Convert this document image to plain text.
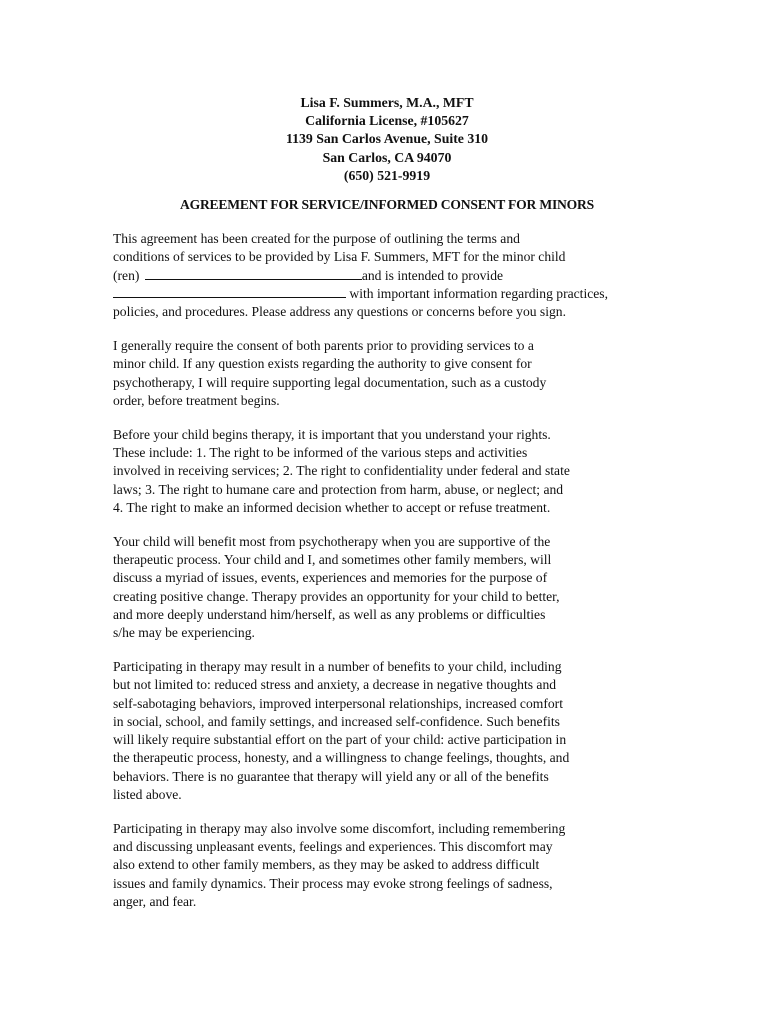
Lisa F. Summers, M.A., MFT
California License, #105627
1139 San Carlos Avenue, Suite 310
San Carlos, CA 94070
(650) 521-9919
AGREEMENT FOR SERVICE/INFORMED CONSENT FOR MINORS
This agreement has been created for the purpose of outlining the terms and
conditions of services to be provided by Lisa F. Summers, MFT for the minor child
(ren)	and is intended to provide
with important information regarding practices,
policies, and procedures. Please address any questions or concerns before you sign.
I generally require the consent of both parents prior to providing services to a
minor child. If any question exists regarding the authority to give consent for
psychotherapy, I will require supporting legal documentation, such as a custody
order, before treatment begins.
Before your child begins therapy, it is important that you understand your rights.
These include: 1. The right to be informed of the various steps and activities
involved in receiving services; 2. The right to confidentiality under federal and state
laws; 3. The right to humane care and protection from harm, abuse, or neglect; and
4. The right to make an informed decision whether to accept or refuse treatment.
Your child will benefit most from psychotherapy when you are supportive of the
therapeutic process. Your child and I, and sometimes other family members, will
discuss a myriad of issues, events, experiences and memories for the purpose of
creating positive change. Therapy provides an opportunity for your child to better,
and more deeply understand him/herself, as well as any problems or difficulties
s/he may be experiencing.
Participating in therapy may result in a number of benefits to your child, including
but not limited to: reduced stress and anxiety, a decrease in negative thoughts and
self-sabotaging behaviors, improved interpersonal relationships, increased comfort
in social, school, and family settings, and increased self-confidence. Such benefits
will likely require substantial effort on the part of your child: active participation in
the therapeutic process, honesty, and a willingness to change feelings, thoughts, and
behaviors. There is no guarantee that therapy will yield any or all of the benefits
listed above.
Participating in therapy may also involve some discomfort, including remembering
and discussing unpleasant events, feelings and experiences. This discomfort may
also extend to other family members, as they may be asked to address difficult
issues and family dynamics. Their process may evoke strong feelings of sadness,
anger, and fear.
